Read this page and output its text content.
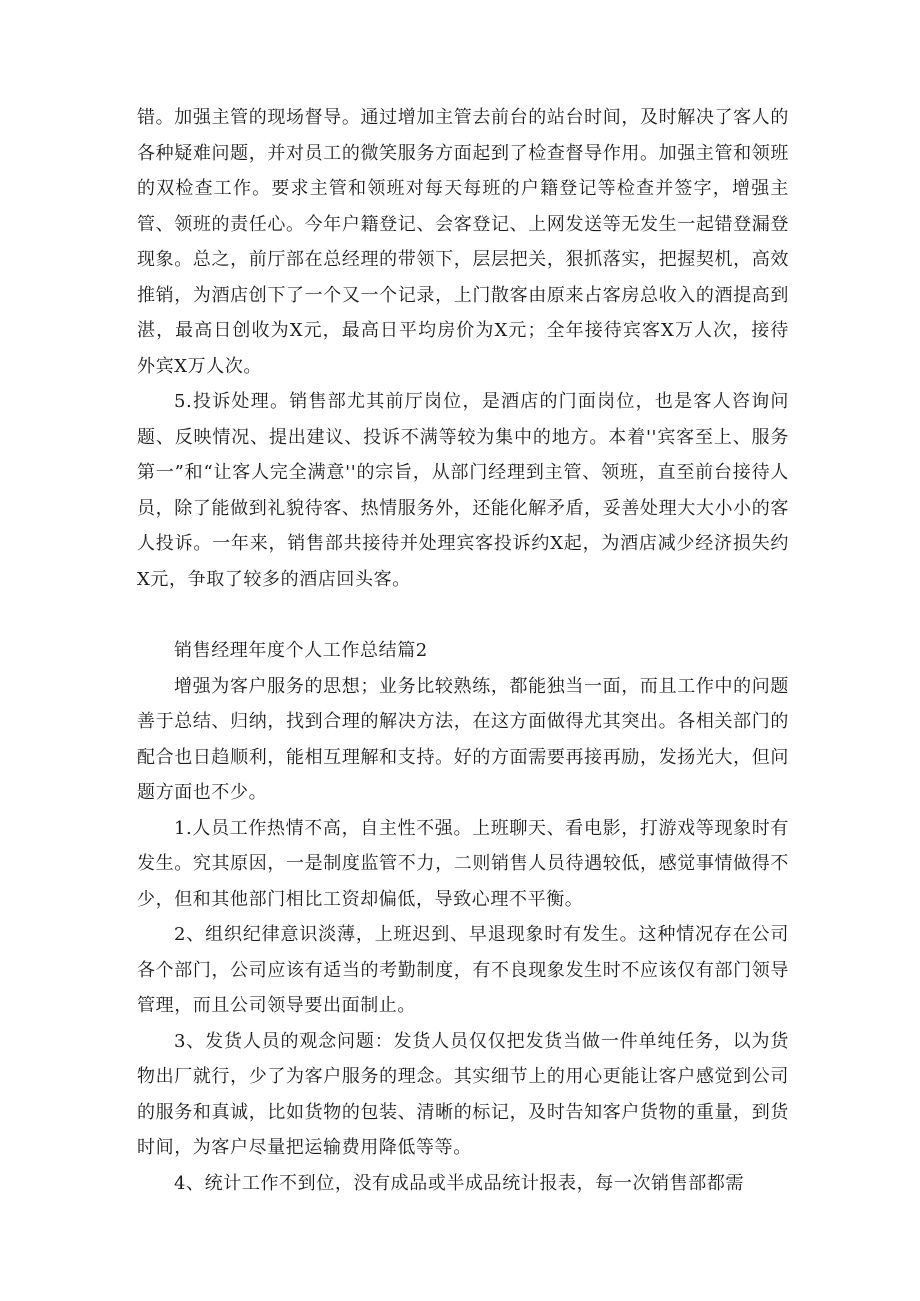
错。加强主管的现场督导。通过增加主管去前台的站台时间，及时解决了客人的各种疑难问题，并对员工的微笑服务方面起到了检查督导作用。加强主管和领班的双检查工作。要求主管和领班对每天每班的户籍登记等检查并签字，增强主管、领班的责任心。今年户籍登记、会客登记、上网发送等无发生一起错登漏登现象。总之，前厅部在总经理的带领下，层层把关，狠抓落实，把握契机，高效推销，为酒店创下了一个又一个记录，上门散客由原来占客房总收入的酒提高到湛，最高日创收为X元，最高日平均房价为X元；全年接待宾客X万人次，接待外宾X万人次。

5.投诉处理。销售部尤其前厅岗位，是酒店的门面岗位，也是客人咨询问题、反映情况、提出建议、投诉不满等较为集中的地方。本着''宾客至上、服务第一”和“让客人完全满意''的宗旨，从部门经理到主管、领班，直至前台接待人员，除了能做到礼貌待客、热情服务外，还能化解矛盾，妥善处理大大小小的客人投诉。一年来，销售部共接待并处理宾客投诉约X起，为酒店减少经济损失约X元，争取了较多的酒店回头客。

销售经理年度个人工作总结篇2

增强为客户服务的思想；业务比较熟练，都能独当一面，而且工作中的问题善于总结、归纳，找到合理的解决方法，在这方面做得尤其突出。各相关部门的配合也日趋顺利，能相互理解和支持。好的方面需要再接再励，发扬光大，但问题方面也不少。

1.人员工作热情不高，自主性不强。上班聊天、看电影，打游戏等现象时有发生。究其原因，一是制度监管不力，二则销售人员待遇较低，感觉事情做得不少，但和其他部门相比工资却偏低，导致心理不平衡。

2、组织纪律意识淡薄，上班迟到、早退现象时有发生。这种情况存在公司各个部门，公司应该有适当的考勤制度，有不良现象发生时不应该仅有部门领导管理，而且公司领导要出面制止。

3、发货人员的观念问题：发货人员仅仅把发货当做一件单纯任务，以为货物出厂就行，少了为客户服务的理念。其实细节上的用心更能让客户感觉到公司的服务和真诚，比如货物的包装、清晰的标记，及时告知客户货物的重量，到货时间，为客户尽量把运输费用降低等等。

4、统计工作不到位，没有成品或半成品统计报表，每一次销售部都需
